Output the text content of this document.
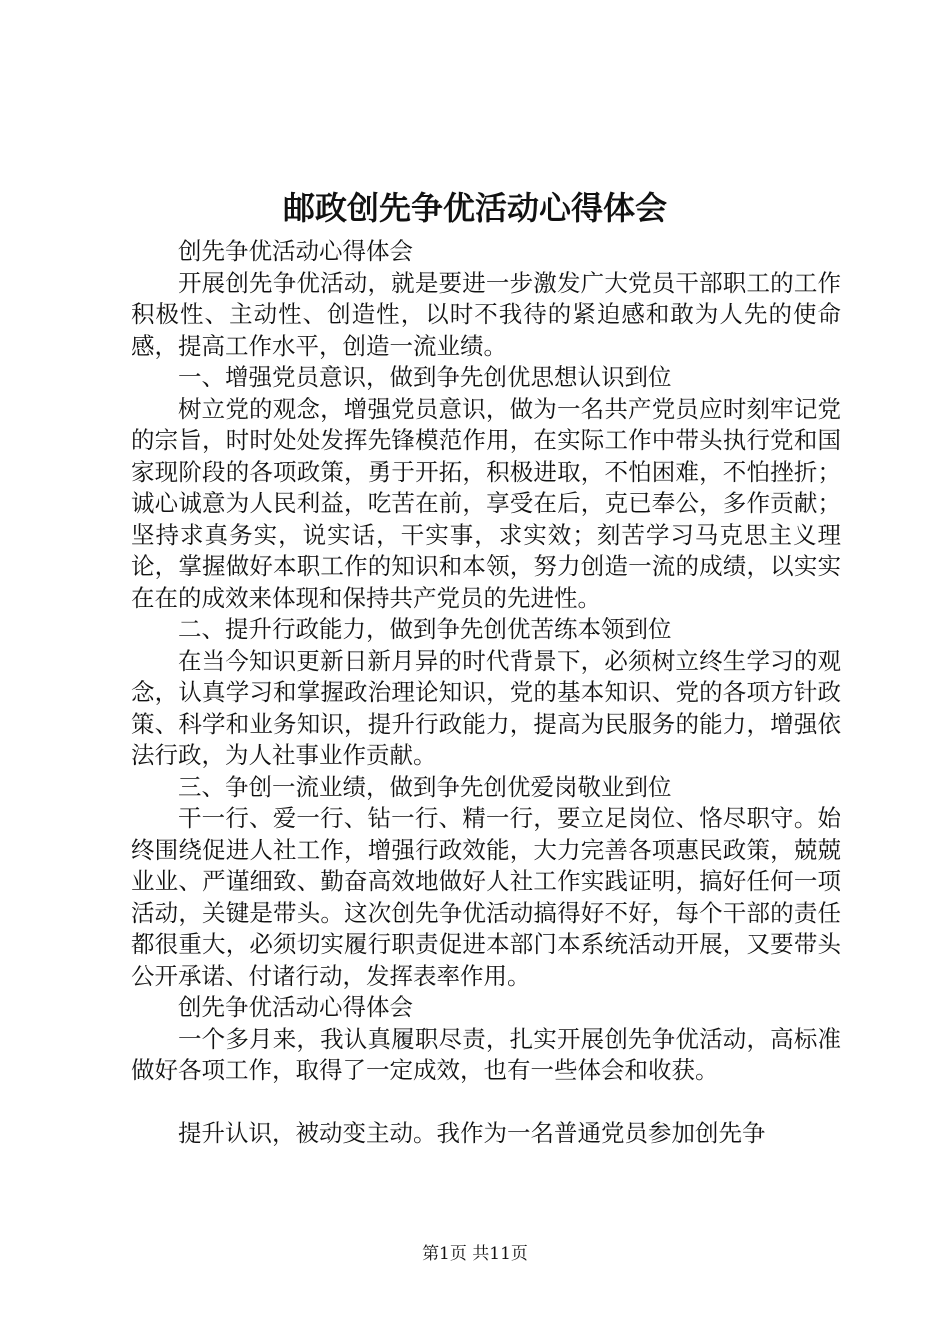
邮政创先争优活动心得体会

创先争优活动心得体会

开展创先争优活动，就是要进一步激发广大党员干部职工的工作积极性、主动性、创造性，以时不我待的紧迫感和敢为人先的使命感，提高工作水平，创造一流业绩。

一、增强党员意识，做到争先创优思想认识到位

树立党的观念，增强党员意识，做为一名共产党员应时刻牢记党的宗旨，时时处处发挥先锋模范作用，在实际工作中带头执行党和国家现阶段的各项政策，勇于开拓，积极进取，不怕困难，不怕挫折；诚心诚意为人民利益，吃苦在前，享受在后，克已奉公，多作贡献；坚持求真务实，说实话，干实事，求实效；刻苦学习马克思主义理论，掌握做好本职工作的知识和本领，努力创造一流的成绩，以实实在在的成效来体现和保持共产党员的先进性。

二、提升行政能力，做到争先创优苦练本领到位

在当今知识更新日新月异的时代背景下，必须树立终生学习的观念，认真学习和掌握政治理论知识，党的基本知识、党的各项方针政策、科学和业务知识，提升行政能力，提高为民服务的能力，增强依法行政，为人社事业作贡献。

三、争创一流业绩，做到争先创优爱岗敬业到位

干一行、爱一行、钻一行、精一行，要立足岗位、恪尽职守。始终围绕促进人社工作，增强行政效能，大力完善各项惠民政策，兢兢业业、严谨细致、勤奋高效地做好人社工作实践证明，搞好任何一项活动，关键是带头。这次创先争优活动搞得好不好，每个干部的责任都很重大，必须切实履行职责促进本部门本系统活动开展，又要带头公开承诺、付诸行动，发挥表率作用。

创先争优活动心得体会

一个多月来，我认真履职尽责，扎实开展创先争优活动，高标准做好各项工作，取得了一定成效，也有一些体会和收获。

提升认识，被动变主动。我作为一名普通党员参加创先争

第1页 共11页
